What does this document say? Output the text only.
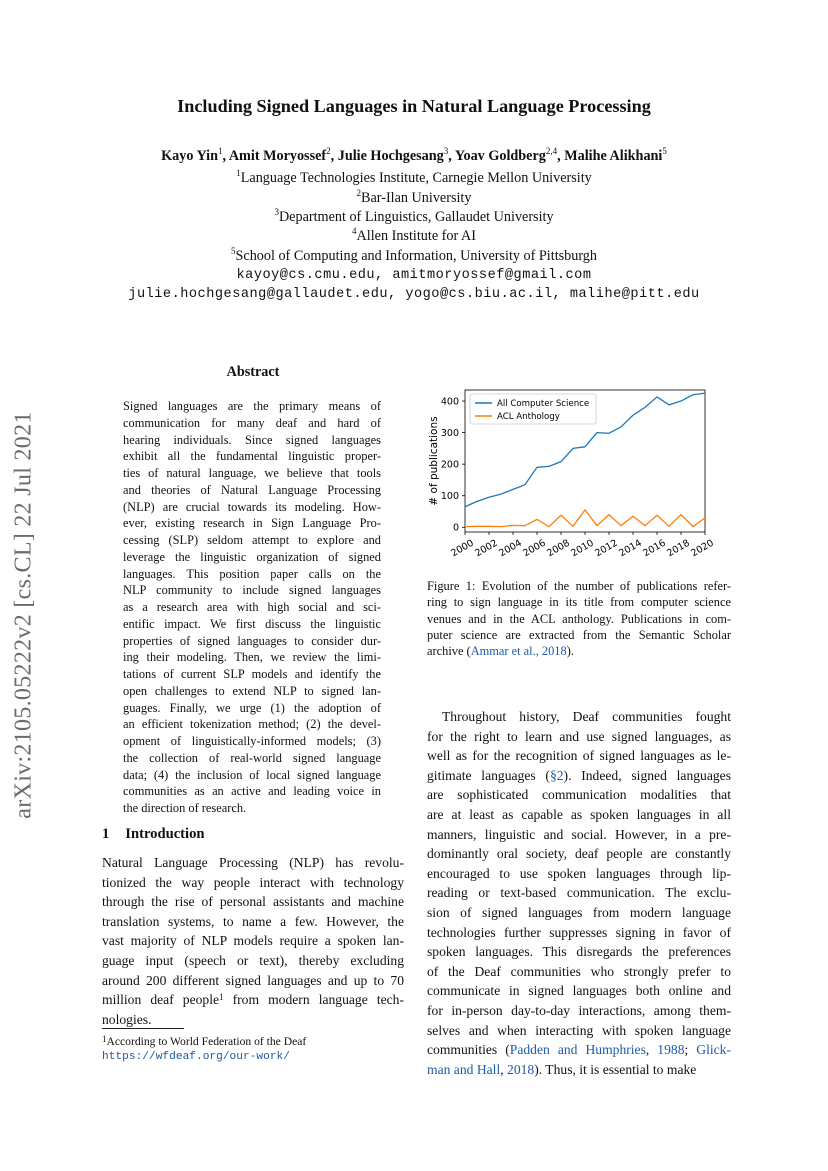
arXiv:2105.05222v2 [cs.CL] 22 Jul 2021
Including Signed Languages in Natural Language Processing
Kayo Yin$^1$, Amit Moryossef$^2$, Julie Hochgesang$^3$, Yoav Goldberg$^{2,4}$, Malihe Alikhani$^5$
$^1$Language Technologies Institute, Carnegie Mellon University
$^2$Bar-Ilan University
$^3$Department of Linguistics, Gallaudet University
$^4$Allen Institute for AI
$^5$School of Computing and Information, University of Pittsburgh
kayoy@cs.cmu.edu, amitmoryossef@gmail.com
julie.hochgesang@gallaudet.edu, yogo@cs.biu.ac.il, malihe@pitt.edu
Abstract
Signed languages are the primary means of
communication for many deaf and hard of
hearing individuals. Since signed languages
exhibit all the fundamental linguistic proper-
ties of natural language, we believe that tools
and theories of Natural Language Processing
(NLP) are crucial towards its modeling. How-
ever, existing research in Sign Language Pro-
cessing (SLP) seldom attempt to explore and
leverage the linguistic organization of signed
languages. This position paper calls on the
NLP community to include signed languages
as a research area with high social and sci-
entific impact. We first discuss the linguistic
properties of signed languages to consider dur-
ing their modeling. Then, we review the limi-
tations of current SLP models and identify the
open challenges to extend NLP to signed lan-
guages. Finally, we urge (1) the adoption of
an efficient tokenization method; (2) the devel-
opment of linguistically-informed models; (3)
the collection of real-world signed language
data; (4) the inclusion of local signed language
communities as an active and leading voice in
the direction of research.
1 Introduction
Natural Language Processing (NLP) has revolu-
tionized the way people interact with technology
through the rise of personal assistants and machine
translation systems, to name a few. However, the
vast majority of NLP models require a spoken lan-
guage input (speech or text), thereby excluding
around 200 different signed languages and up to 70
million deaf people$^1$ from modern language tech-
nologies.
$^1$According to World Federation of the Deaf
https://wfdeaf.org/our-work/
Throughout history, Deaf communities fought
for the right to learn and use signed languages, as
well as for the recognition of signed languages as le-
gitimate languages (§2). Indeed, signed languages
are sophisticated communication modalities that
are at least as capable as spoken languages in all
manners, linguistic and social. However, in a pre-
dominantly oral society, deaf people are constantly
encouraged to use spoken languages through lip-
reading or text-based communication. The exclu-
sion of signed languages from modern language
technologies further suppresses signing in favor of
spoken languages. This disregards the preferences
of the Deaf communities who strongly prefer to
communicate in signed languages both online and
for in-person day-to-day interactions, among them-
selves and when interacting with spoken language
communities (Padden and Humphries, 1988; Glick-
man and Hall, 2018). Thus, it is essential to make
0
100
200
300
400
2000
2002
2004
2006
2008
2010
2012
2014
2016
2018
2020
# of publications
All Computer Science
ACL Anthology
Figure 1: Evolution of the number of publications refer-
ring to sign language in its title from computer science
venues and in the ACL anthology. Publications in com-
puter science are extracted from the Semantic Scholar
archive (Ammar et al., 2018).
